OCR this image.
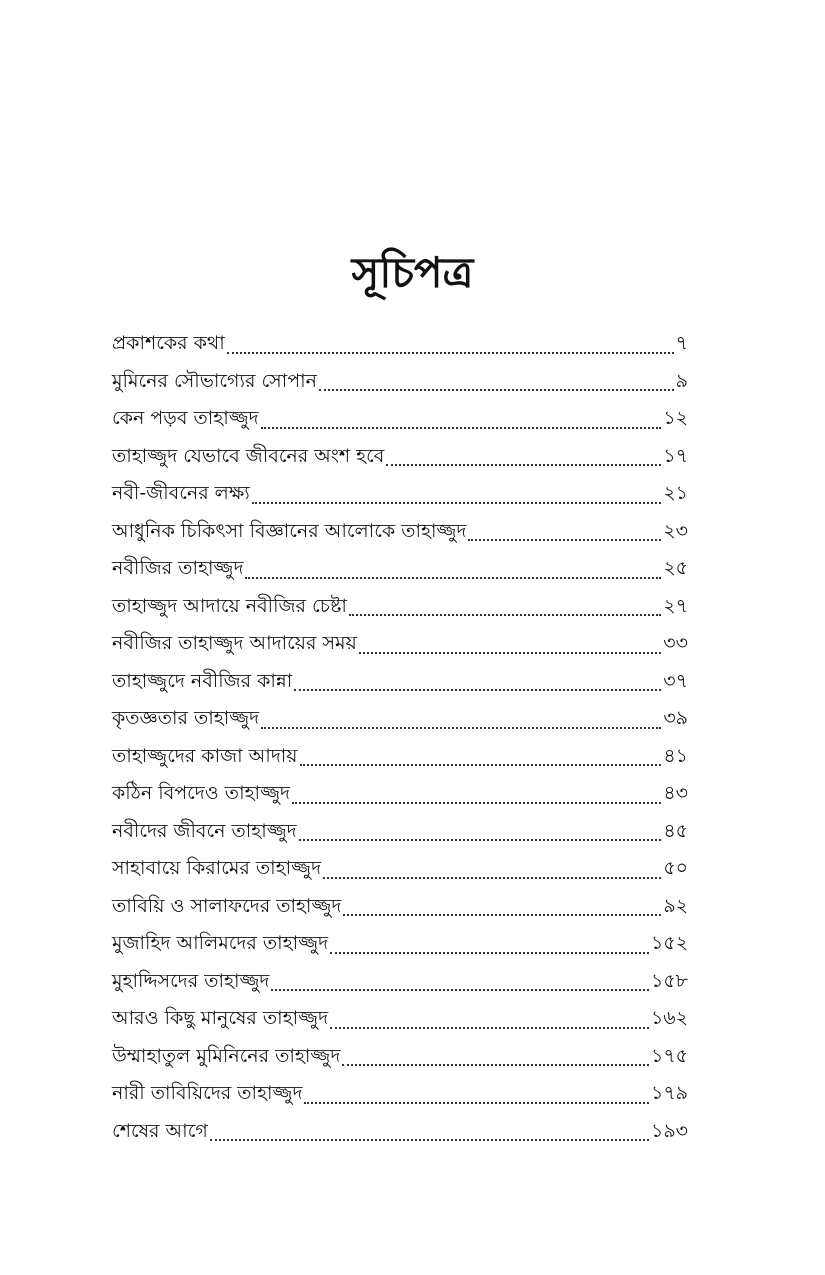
সূচিপত্র
প্রকাশকের কথা	৭
মুমিনের সৌভাগ্যের সোপান	৯
কেন পড়ব তাহাজ্জুদ	১২
তাহাজ্জুদ যেভাবে জীবনের অংশ হবে	১৭
নবী-জীবনের লক্ষ্য	২১
আধুনিক চিকিৎসা বিজ্ঞানের আলোকে তাহাজ্জুদ	২৩
নবীজির তাহাজ্জুদ	২৫
তাহাজ্জুদ আদায়ে নবীজির চেষ্টা	২৭
নবীজির তাহাজ্জুদ আদায়ের সময়	৩৩
তাহাজ্জুদে নবীজির কান্না	৩৭
কৃতজ্ঞতার তাহাজ্জুদ	৩৯
তাহাজ্জুদের কাজা আদায়	৪১
কঠিন বিপদেও তাহাজ্জুদ	৪৩
নবীদের জীবনে তাহাজ্জুদ	৪৫
সাহাবায়ে কিরামের তাহাজ্জুদ	৫০
তাবিয়ি ও সালাফদের তাহাজ্জুদ	৯২
মুজাহিদ আলিমদের তাহাজ্জুদ	১৫২
মুহাদ্দিসদের তাহাজ্জুদ	১৫৮
আরও কিছু মানুষের তাহাজ্জুদ	১৬২
উম্মাহাতুল মুমিনিনের তাহাজ্জুদ	১৭৫
নারী তাবিয়িদের তাহাজ্জুদ	১৭৯
শেষের আগে	১৯৩
